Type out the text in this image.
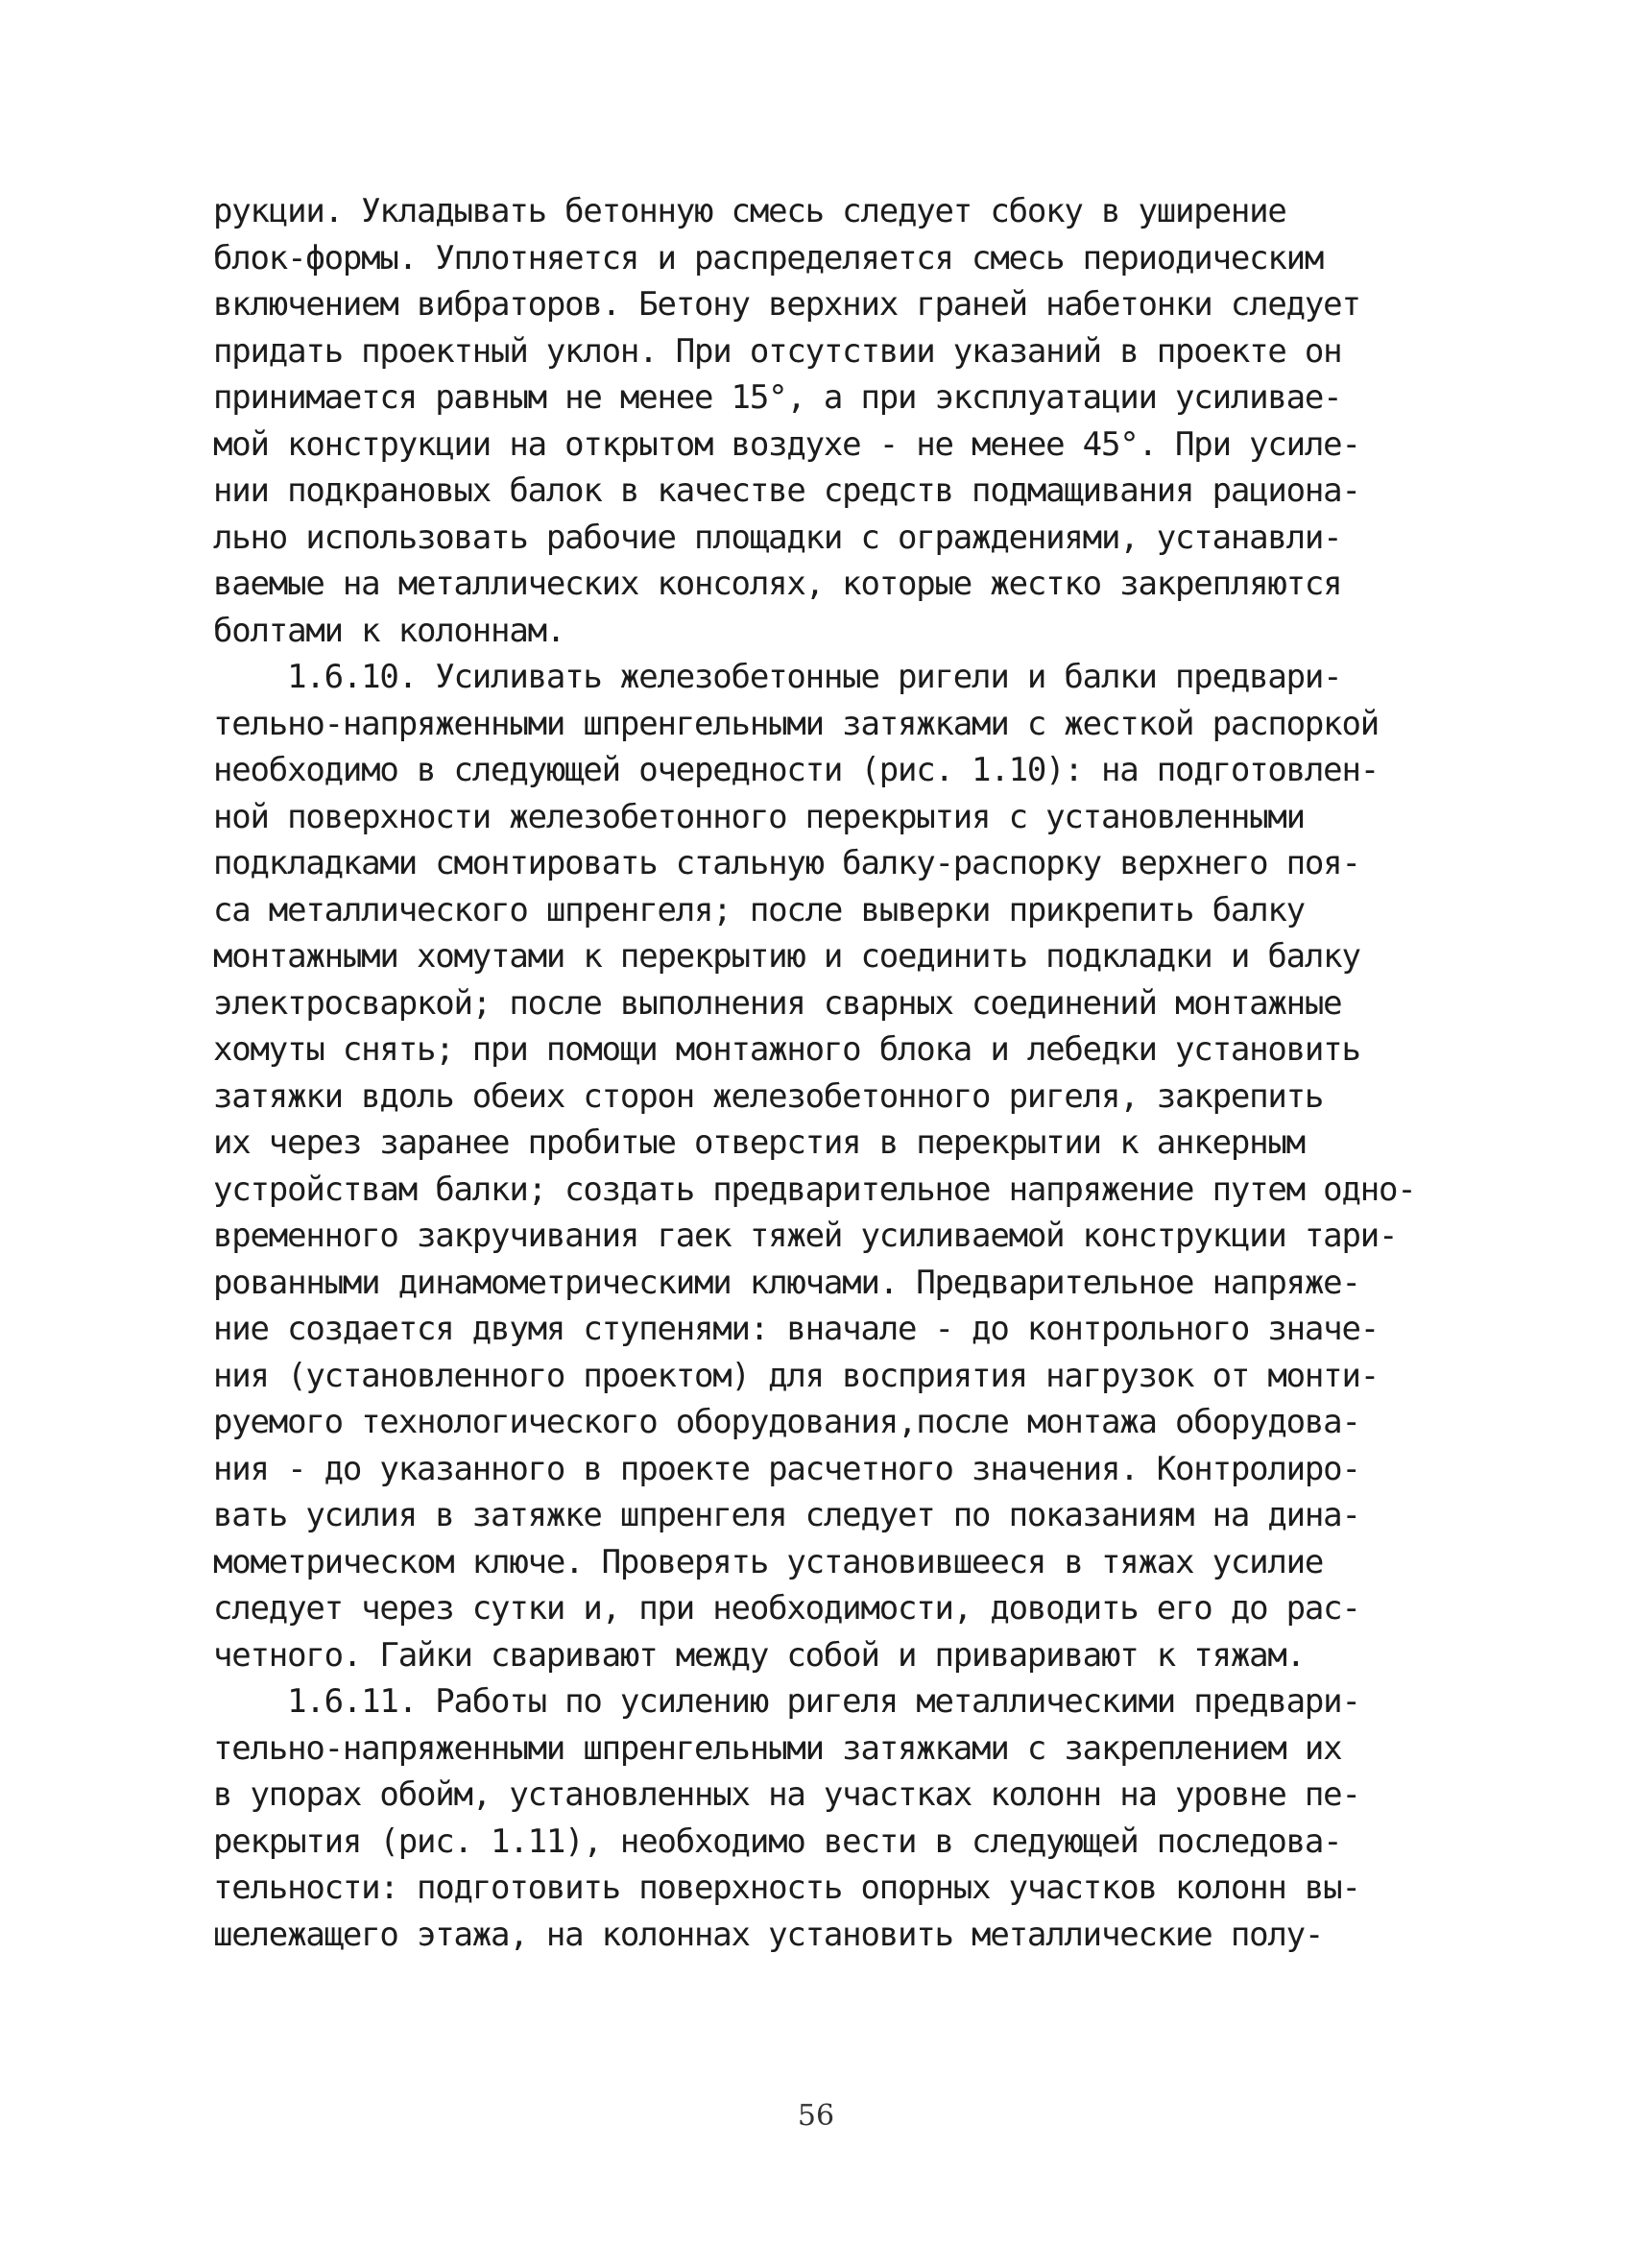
рукции. Укладывать бетонную смесь следует сбоку в уширение
блок-формы. Уплотняется и распределяется смесь периодическим
включением вибраторов. Бетону верхних граней набетонки следует
придать проектный уклон. При отсутствии указаний в проекте он
принимается равным не менее 15°, а при эксплуатации усиливае-
мой конструкции на открытом воздухе - не менее 45°. При усиле-
нии подкрановых балок в качестве средств подмащивания рациона-
льно использовать рабочие площадки с ограждениями, устанавли-
ваемые на металлических консолях, которые жестко закрепляются
болтами к колоннам.
1.6.10. Усиливать железобетонные ригели и балки предвари-
тельно-напряженными шпренгельными затяжками с жесткой распоркой
необходимо в следующей очередности (рис. 1.10): на подготовлен-
ной поверхности железобетонного перекрытия с установленными
подкладками смонтировать стальную балку-распорку верхнего поя-
са металлического шпренгеля; после выверки прикрепить балку
монтажными хомутами к перекрытию и соединить подкладки и балку
электросваркой; после выполнения сварных соединений монтажные
хомуты снять; при помощи монтажного блока и лебедки установить
затяжки вдоль обеих сторон железобетонного ригеля, закрепить
их через заранее пробитые отверстия в перекрытии к анкерным
устройствам балки; создать предварительное напряжение путем одно-
временного закручивания гаек тяжей усиливаемой конструкции тари-
рованными динамометрическими ключами. Предварительное напряже-
ние создается двумя ступенями: вначале - до контрольного значе-
ния (установленного проектом) для восприятия нагрузок от монти-
руемого технологического оборудования,после монтажа оборудова-
ния - до указанного в проекте расчетного значения. Контролиро-
вать усилия в затяжке шпренгеля следует по показаниям на дина-
мометрическом ключе. Проверять установившееся в тяжах усилие
следует через сутки и, при необходимости, доводить его до рас-
четного. Гайки сваривают между собой и приваривают к тяжам.
1.6.11. Работы по усилению ригеля металлическими предвари-
тельно-напряженными шпренгельными затяжками с закреплением их
в упорах обойм, установленных на участках колонн на уровне пе-
рекрытия (рис. 1.11), необходимо вести в следующей последова-
тельности: подготовить поверхность опорных участков колонн вы-
шележащего этажа, на колоннах установить металлические полу-
56
